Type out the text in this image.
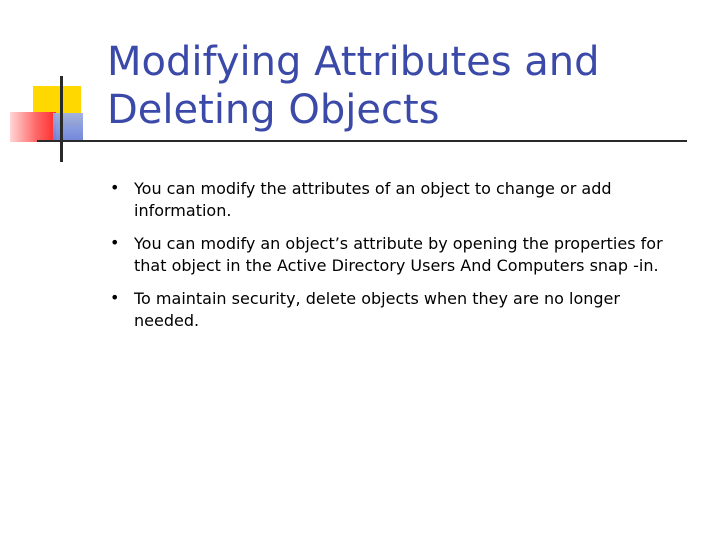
Modifying Attributes and
Deleting Objects
• You can modify the attributes of an object to change or add information.
• You can modify an object’s attribute by opening the properties for that object in the Active Directory Users And Computers snap -in.
• To maintain security, delete objects when they are no longer needed.
